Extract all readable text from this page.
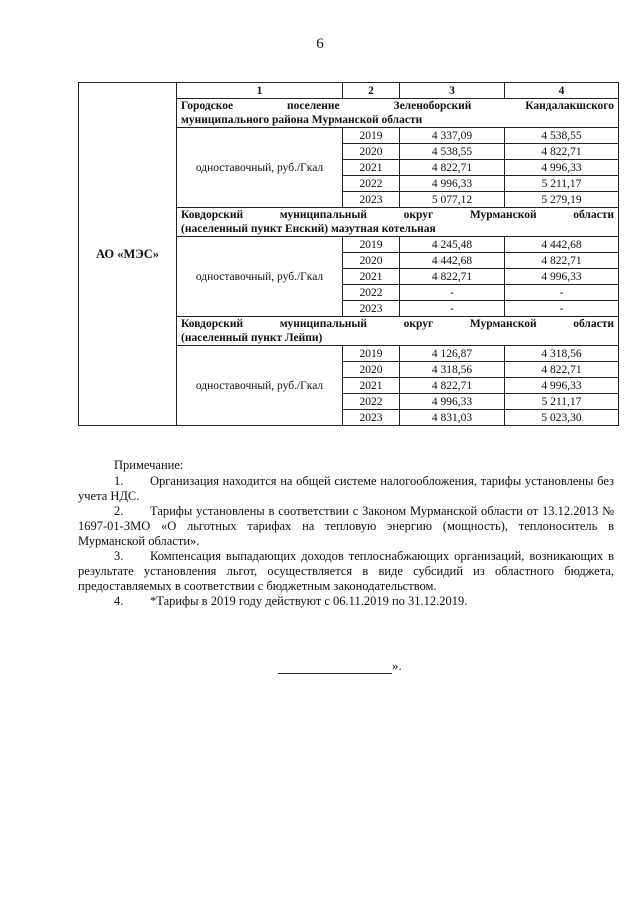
6
АО «МЭС»	1	2	3	4
	Городское поселение Зеленоборский Кандалакшского

муниципального района Мурманской области			

	одноставочный, руб./Гкал	2019	4 337,09	4 538,55
		2020	4 538,55	4 822,71
		2021	4 822,71	4 996,33
		2022	4 996,33	5 211,17
		2023	5 077,12	5 279,19
	Ковдорский муниципальный округ Мурманской области

(населенный пункт Енский) мазутная котельная			

	одноставочный, руб./Гкал	2019	4 245,48	4 442,68
		2020	4 442,68	4 822,71
		2021	4 822,71	4 996,33
		2022	-	-
		2023	-	-
	Ковдорский муниципальный округ Мурманской области

(населенный пункт Лейпи)			

	одноставочный, руб./Гкал	2019	4 126,87	4 318,56
		2020	4 318,56	4 822,71
		2021	4 822,71	4 996,33
		2022	4 996,33	5 211,17
		2023	4 831,03	5 023,30
Примечание:

1. Организация находится на общей системе налогообложения, тарифы установлены без учета НДС.

2. Тарифы установлены в соответствии с Законом Мурманской области от 13.12.2013 № 1697-01-ЗМО «О льготных тарифах на тепловую энергию (мощность), теплоноситель в Мурманской области».

3. Компенсация выпадающих доходов теплоснабжающих организаций, возникающих в результате установления льгот, осуществляется в виде субсидий из областного бюджета, предоставляемых в соответствии с бюджетным законодательством.

4. *Тарифы в 2019 году действуют с 06.11.2019 по 31.12.2019.

».
